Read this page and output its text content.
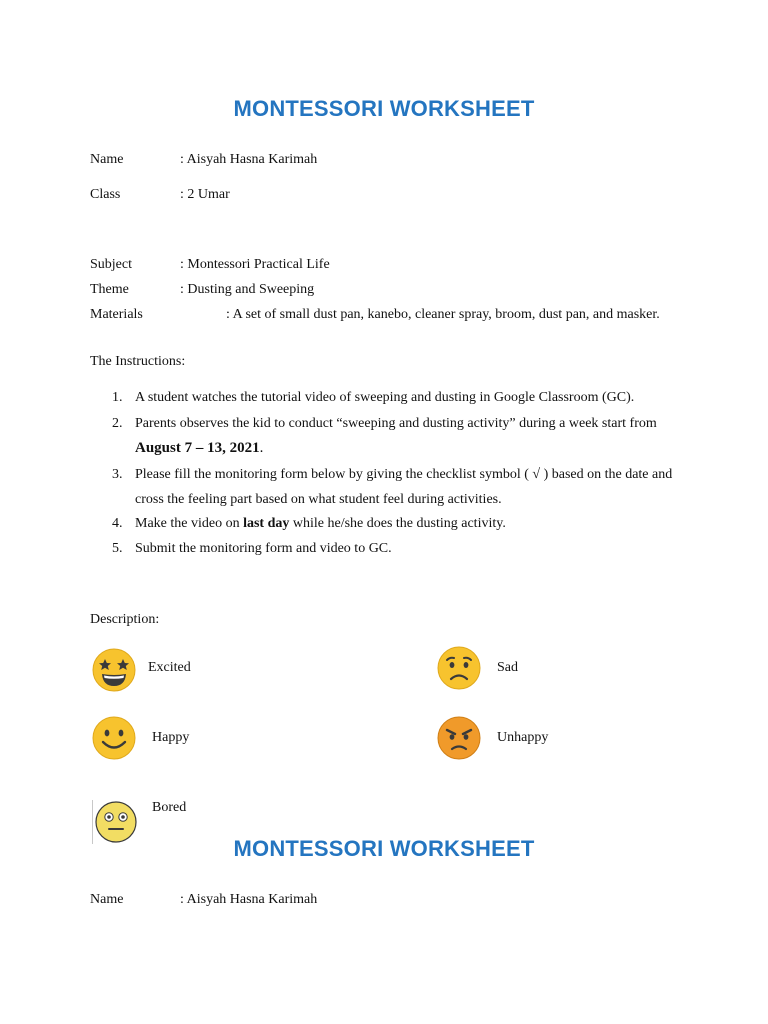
MONTESSORI WORKSHEET
Name	: Aisyah Hasna Karimah
Class	: 2 Umar
Subject	: Montessori Practical Life
Theme	: Dusting and Sweeping
Materials	: A set of small dust pan, kanebo, cleaner spray, broom, dust pan, and masker.
The Instructions:
1. A student watches the tutorial video of sweeping and dusting in Google Classroom (GC).
2. Parents observes the kid to conduct “sweeping and dusting activity” during a week start from
August 7 – 13, 2021.
3. Please fill the monitoring form below by giving the checklist symbol ( √ ) based on the date and
cross the feeling part based on what student feel during activities.
4. Make the video on last day while he/she does the dusting activity.
5. Submit the monitoring form and video to GC.
Description:
Excited	Sad
Happy	Unhappy
Bored
MONTESSORI WORKSHEET
Name	: Aisyah Hasna Karimah
